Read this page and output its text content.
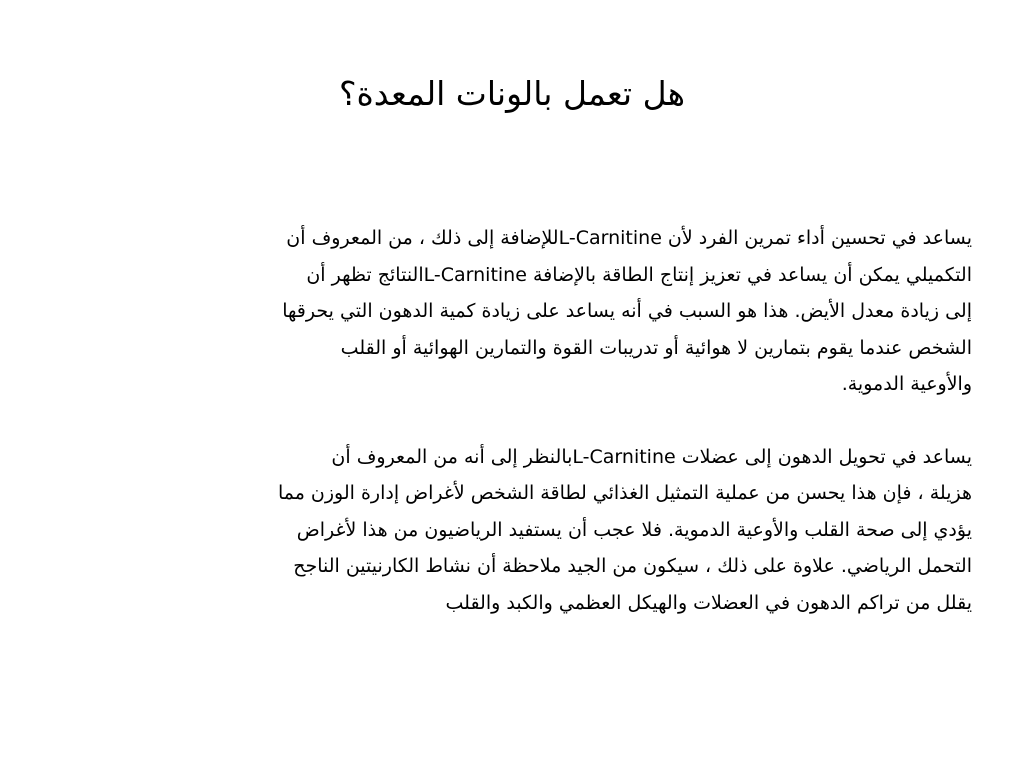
هل تعمل بالونات المعدة؟

يساعد في تحسين أداء تمرين الفرد لأن L-Carnitineللإضافة إلى ذلك ، من المعروف أن
التكميلي يمكن أن يساعد في تعزيز إنتاج الطاقة بالإضافة L-Carnitineالنتائج تظهر أن
إلى زيادة معدل الأيض. هذا هو السبب في أنه يساعد على زيادة كمية الدهون التي يحرقها
الشخص عندما يقوم بتمارين لا هوائية أو تدريبات القوة والتمارين الهوائية أو القلب
والأوعية الدموية.

يساعد في تحويل الدهون إلى عضلات L-Carnitineبالنظر إلى أنه من المعروف أن
هزيلة ، فإن هذا يحسن من عملية التمثيل الغذائي لطاقة الشخص لأغراض إدارة الوزن مما
يؤدي إلى صحة القلب والأوعية الدموية. فلا عجب أن يستفيد الرياضيون من هذا لأغراض
التحمل الرياضي. علاوة على ذلك ، سيكون من الجيد ملاحظة أن نشاط الكارنيتين الناجح
يقلل من تراكم الدهون في العضلات والهيكل العظمي والكبد والقلب
